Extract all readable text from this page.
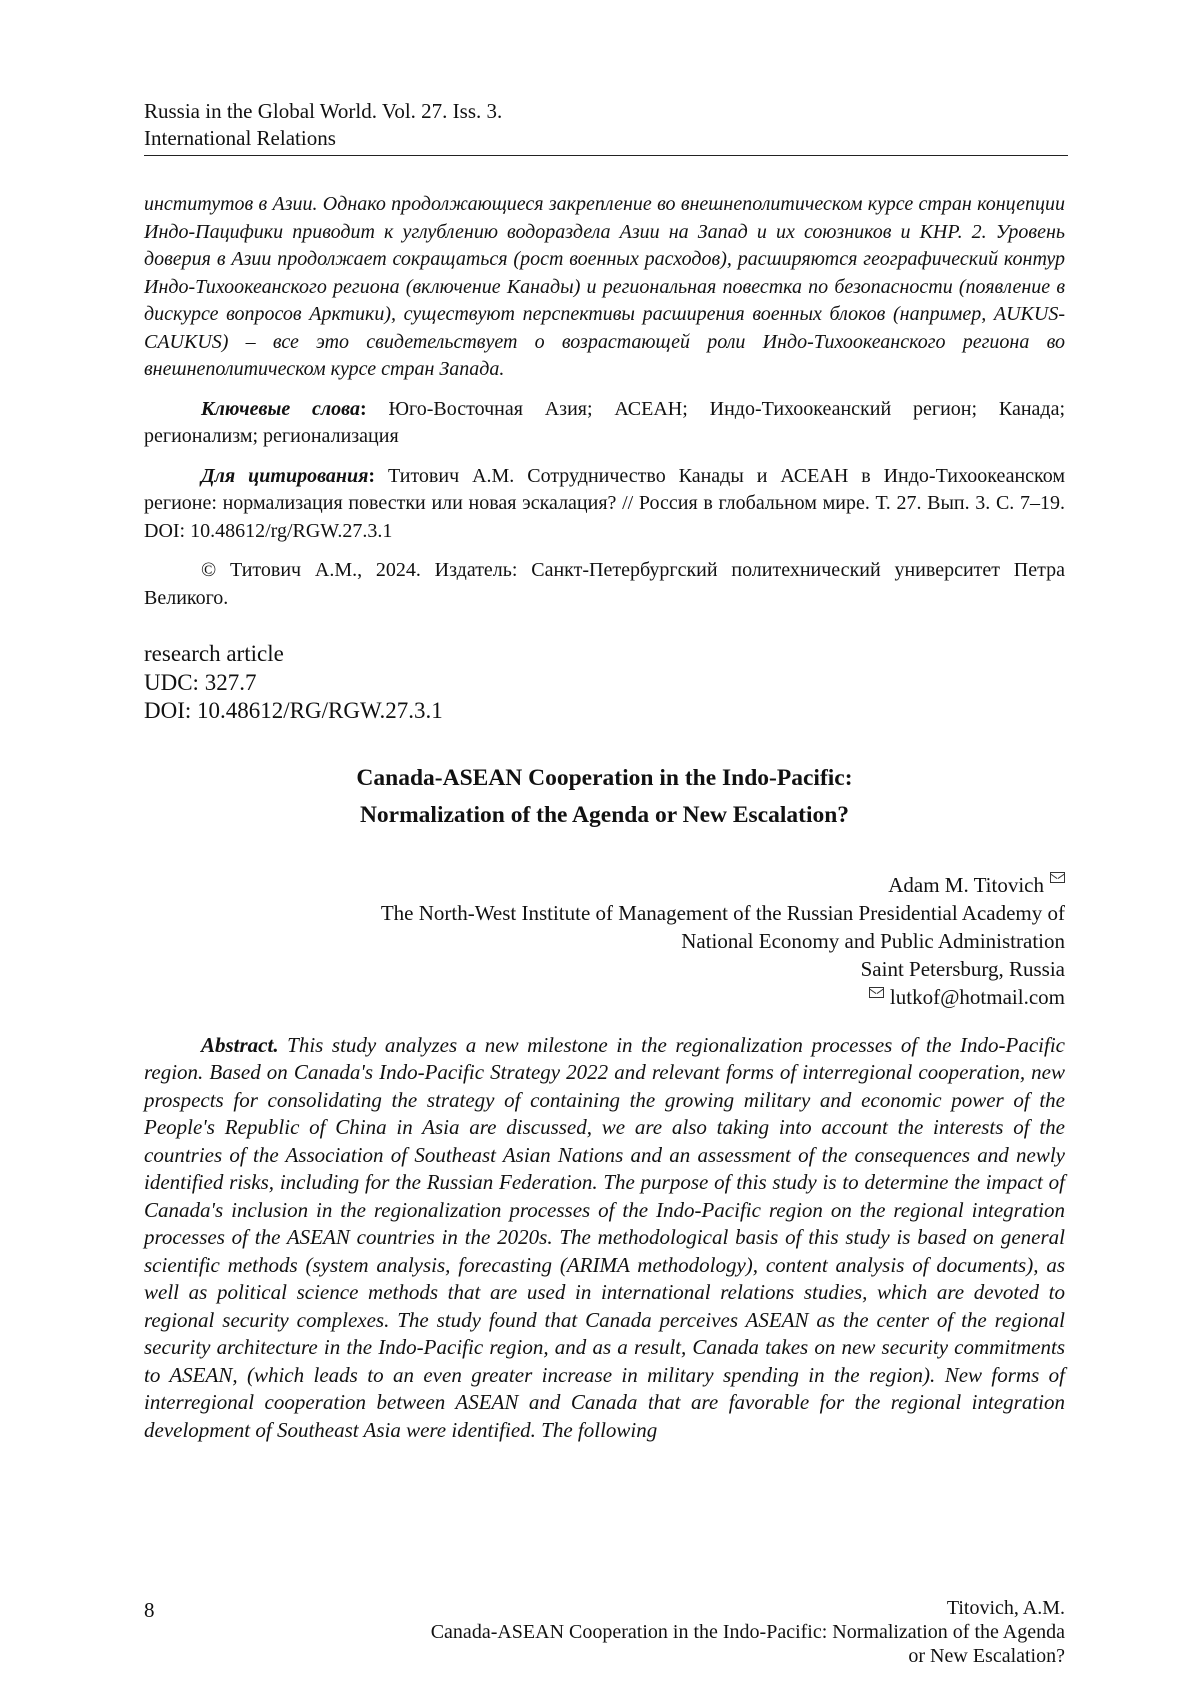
Russia in the Global World. Vol. 27. Iss. 3.
International Relations

институтов в Азии. Однако продолжающиеся закрепление во внешнеполитическом курсе стран концепции Индо-Пацифики приводит к углублению водораздела Азии на Запад и их союзников и КНР. 2. Уровень доверия в Азии продолжает сокращаться (рост военных расходов), расширяются географический контур Индо-Тихоокеанского региона (включение Канады) и региональная повестка по безопасности (появление в дискурсе вопросов Арктики), существуют перспективы расширения военных блоков (например, AUKUS-CAUKUS) – все это свидетельствует о возрастающей роли Индо-Тихоокеанского региона во внешнеполитическом курсе стран Запада.

Ключевые слова: Юго-Восточная Азия; АСЕАН; Индо-Тихоокеанский регион; Канада; регионализм; регионализация

Для цитирования: Титович А.М. Сотрудничество Канады и АСЕАН в Индо-Тихоокеанском регионе: нормализация повестки или новая эскалация? // Россия в глобальном мире. Т. 27. Вып. 3. С. 7–19. DOI: 10.48612/rg/RGW.27.3.1

© Титович А.М., 2024. Издатель: Санкт-Петербургский политехнический университет Петра Великого.

research article
UDC: 327.7
DOI: 10.48612/RG/RGW.27.3.1
Canada-ASEAN Cooperation in the Indo-Pacific:
Normalization of the Agenda or New Escalation?
Adam M. Titovich
The North-West Institute of Management of the Russian Presidential Academy of
National Economy and Public Administration
Saint Petersburg, Russia
lutkof@hotmail.com

Abstract. This study analyzes a new milestone in the regionalization processes of the Indo-Pacific region. Based on Canada's Indo-Pacific Strategy 2022 and relevant forms of interregional cooperation, new prospects for consolidating the strategy of containing the growing military and economic power of the People's Republic of China in Asia are discussed, we are also taking into account the interests of the countries of the Association of Southeast Asian Nations and an assessment of the consequences and newly identified risks, including for the Russian Federation. The purpose of this study is to determine the impact of Canada's inclusion in the regionalization processes of the Indo-Pacific region on the regional integration processes of the ASEAN countries in the 2020s. The methodological basis of this study is based on general scientific methods (system analysis, forecasting (ARIMA methodology), content analysis of documents), as well as political science methods that are used in international relations studies, which are devoted to regional security complexes. The study found that Canada perceives ASEAN as the center of the regional security architecture in the Indo-Pacific region, and as a result, Canada takes on new security commitments to ASEAN, (which leads to an even greater increase in military spending in the region). New forms of interregional cooperation between ASEAN and Canada that are favorable for the regional integration development of Southeast Asia were identified. The following

8	Titovich, A.M.
Canada-ASEAN Cooperation in the Indo-Pacific: Normalization of the Agenda
or New Escalation?
